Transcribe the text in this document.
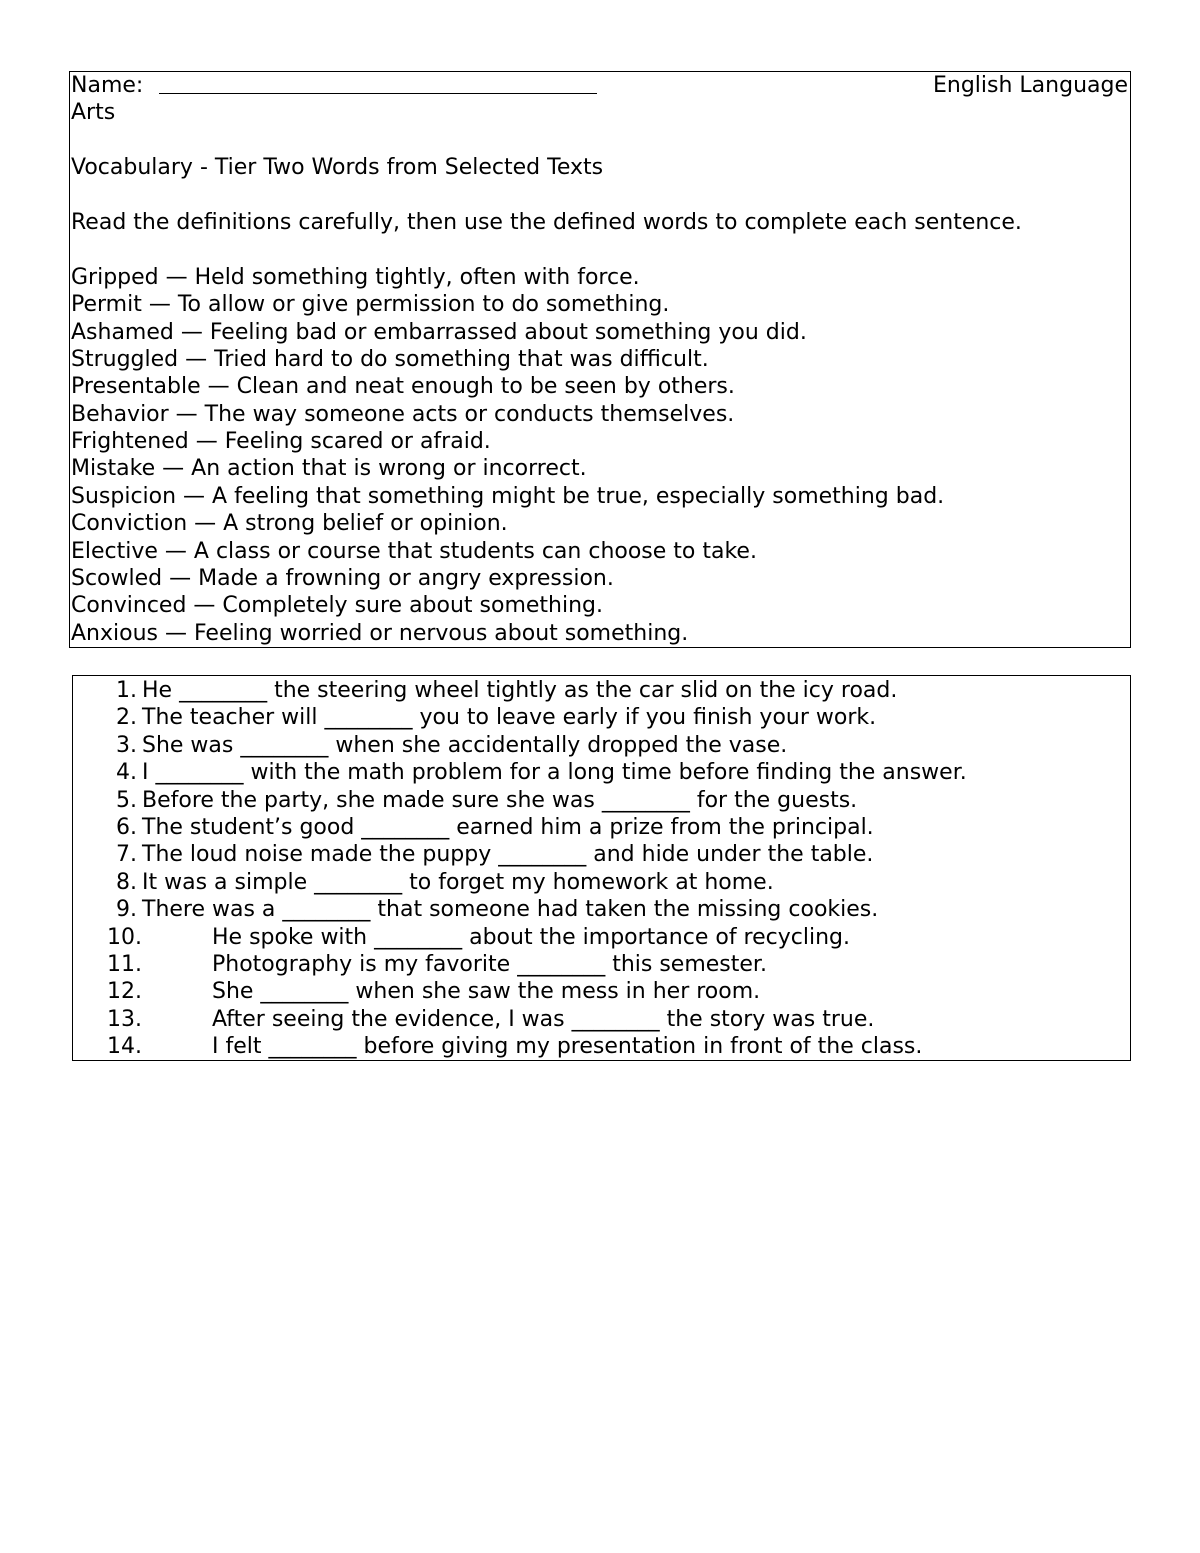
Name:	English Language
Arts
Vocabulary - Tier Two Words from Selected Texts
Read the definitions carefully, then use the defined words to complete each sentence.
Gripped — Held something tightly, often with force.
Permit — To allow or give permission to do something.
Ashamed — Feeling bad or embarrassed about something you did.
Struggled — Tried hard to do something that was difficult.
Presentable — Clean and neat enough to be seen by others.
Behavior — The way someone acts or conducts themselves.
Frightened — Feeling scared or afraid.
Mistake — An action that is wrong or incorrect.
Suspicion — A feeling that something might be true, especially something bad.
Conviction — A strong belief or opinion.
Elective — A class or course that students can choose to take.
Scowled — Made a frowning or angry expression.
Convinced — Completely sure about something.
Anxious — Feeling worried or nervous about something.
1. He ________ the steering wheel tightly as the car slid on the icy road.
2. The teacher will ________ you to leave early if you finish your work.
3. She was ________ when she accidentally dropped the vase.
4. I ________ with the math problem for a long time before finding the answer.
5. Before the party, she made sure she was ________ for the guests.
6. The student’s good ________ earned him a prize from the principal.
7. The loud noise made the puppy ________ and hide under the table.
8. It was a simple ________ to forget my homework at home.
9. There was a ________ that someone had taken the missing cookies.
10.	He spoke with ________ about the importance of recycling.
11.	Photography is my favorite ________ this semester.
12.	She ________ when she saw the mess in her room.
13.	After seeing the evidence, I was ________ the story was true.
14.	I felt ________ before giving my presentation in front of the class.
